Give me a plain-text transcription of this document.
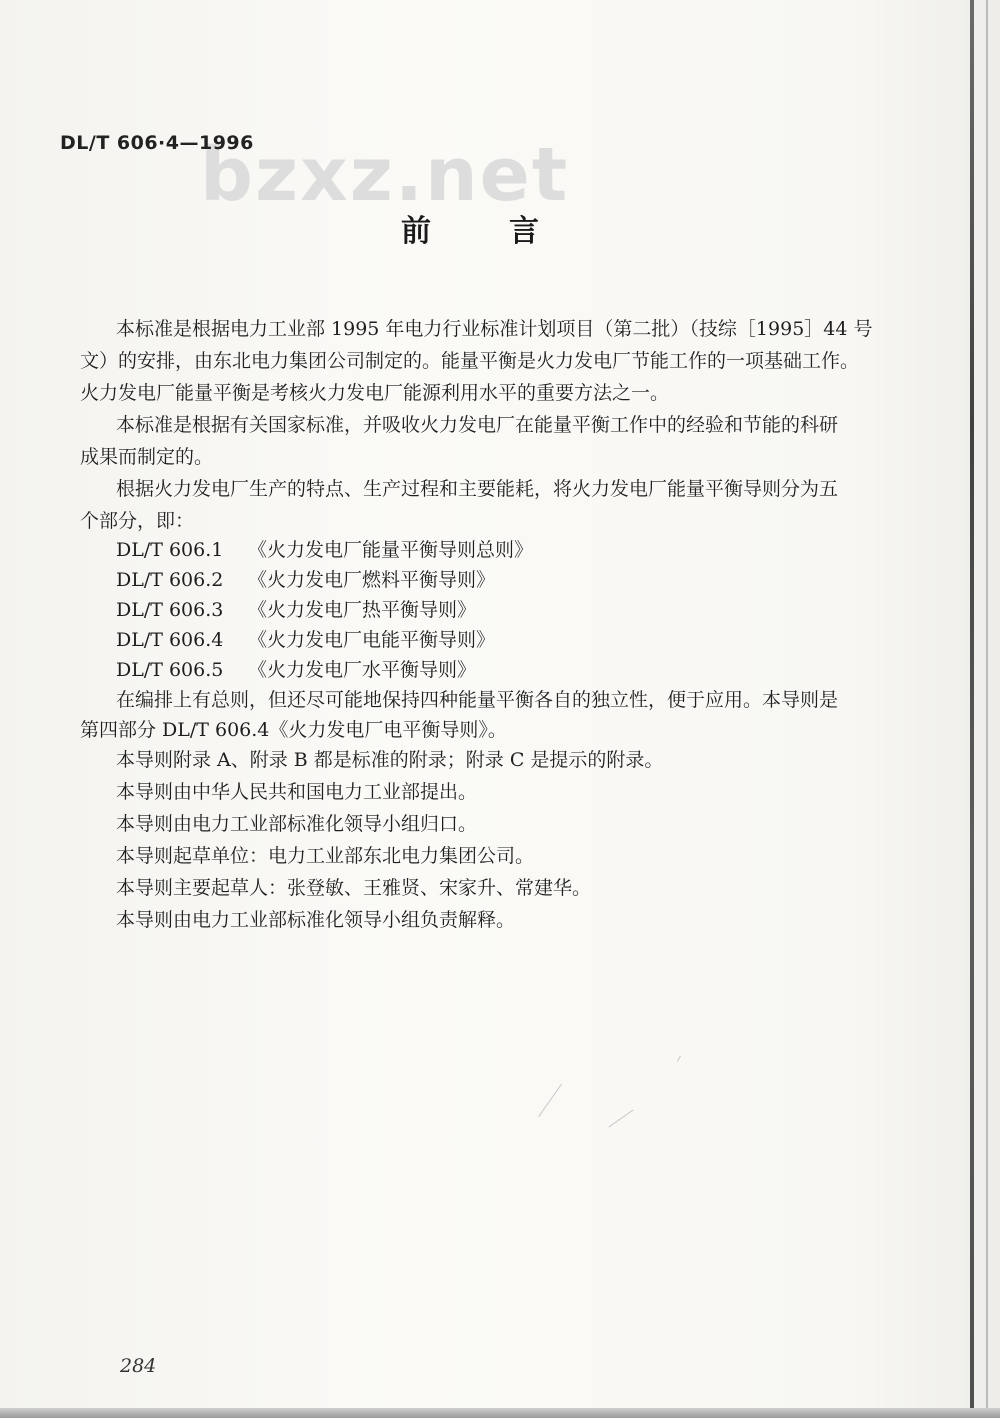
bzxz.net
DL/T 606·4—1996
前言
本标准是根据电力工业部 1995 年电力行业标准计划项目（第二批）（技综［1995］44 号
文）的安排，由东北电力集团公司制定的。能量平衡是火力发电厂节能工作的一项基础工作。
火力发电厂能量平衡是考核火力发电厂能源利用水平的重要方法之一。
本标准是根据有关国家标准，并吸收火力发电厂在能量平衡工作中的经验和节能的科研
成果而制定的。
根据火力发电厂生产的特点、生产过程和主要能耗，将火力发电厂能量平衡导则分为五
个部分，即：
DL/T 606.1 《火力发电厂能量平衡导则总则》
DL/T 606.2 《火力发电厂燃料平衡导则》
DL/T 606.3 《火力发电厂热平衡导则》
DL/T 606.4 《火力发电厂电能平衡导则》
DL/T 606.5 《火力发电厂水平衡导则》
在编排上有总则，但还尽可能地保持四种能量平衡各自的独立性，便于应用。本导则是
第四部分 DL/T 606.4《火力发电厂电平衡导则》。
本导则附录 A、附录 B 都是标准的附录；附录 C 是提示的附录。
本导则由中华人民共和国电力工业部提出。
本导则由电力工业部标准化领导小组归口。
本导则起草单位：电力工业部东北电力集团公司。
本导则主要起草人：张登敏、王雅贤、宋家升、常建华。
本导则由电力工业部标准化领导小组负责解释。
284
